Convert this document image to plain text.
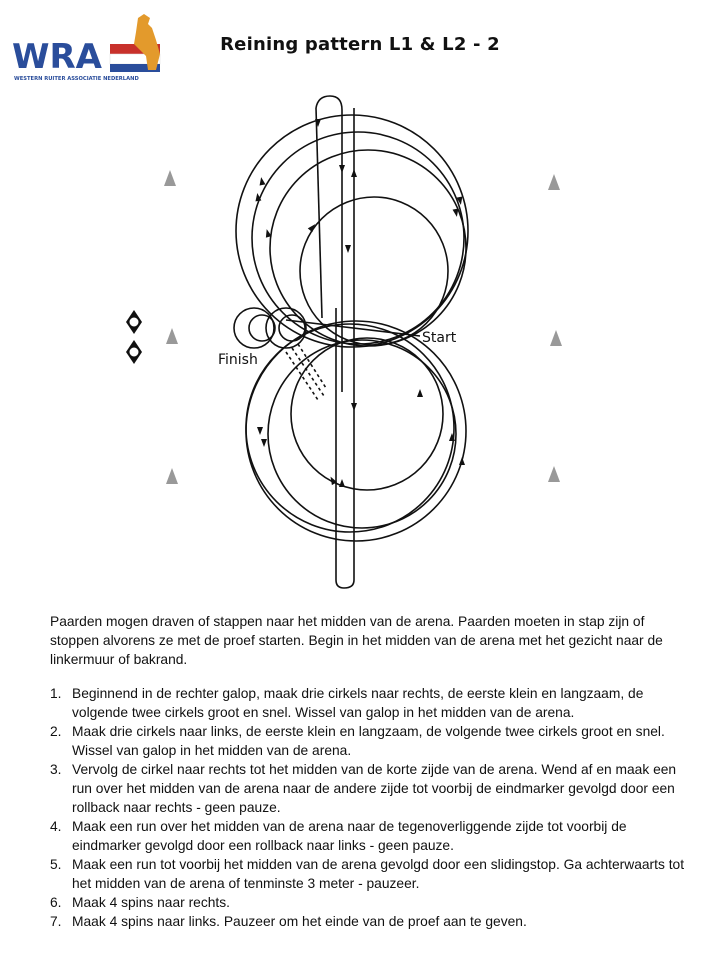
WRA
WESTERN RUITER ASSOCIATIE NEDERLAND
Reining pattern L1 & L2 - 2
Start
Finish
Paarden mogen draven of stappen naar het midden van de arena. Paarden moeten in stap zijn of stoppen alvorens ze met de proef starten. Begin in het midden van de arena met het gezicht naar de linkermuur of bakrand.
1. Beginnend in de rechter galop, maak drie cirkels naar rechts, de eerste klein en langzaam, de volgende twee cirkels groot en snel. Wissel van galop in het midden van de arena.
2. Maak drie cirkels naar links, de eerste klein en langzaam, de volgende twee cirkels groot en snel. Wissel van galop in het midden van de arena.
3. Vervolg de cirkel naar rechts tot het midden van de korte zijde van de arena. Wend af en maak een run over het midden van de arena naar de andere zijde tot voorbij de eindmarker gevolgd door een rollback naar rechts - geen pauze.
4. Maak een run over het midden van de arena naar de tegenoverliggende zijde tot voorbij de eindmarker gevolgd door een rollback naar links - geen pauze.
5. Maak een run tot voorbij het midden van de arena gevolgd door een slidingstop. Ga achterwaarts tot het midden van de arena of tenminste 3 meter - pauzeer.
6. Maak 4 spins naar rechts.
7. Maak 4 spins naar links. Pauzeer om het einde van de proef aan te geven.
